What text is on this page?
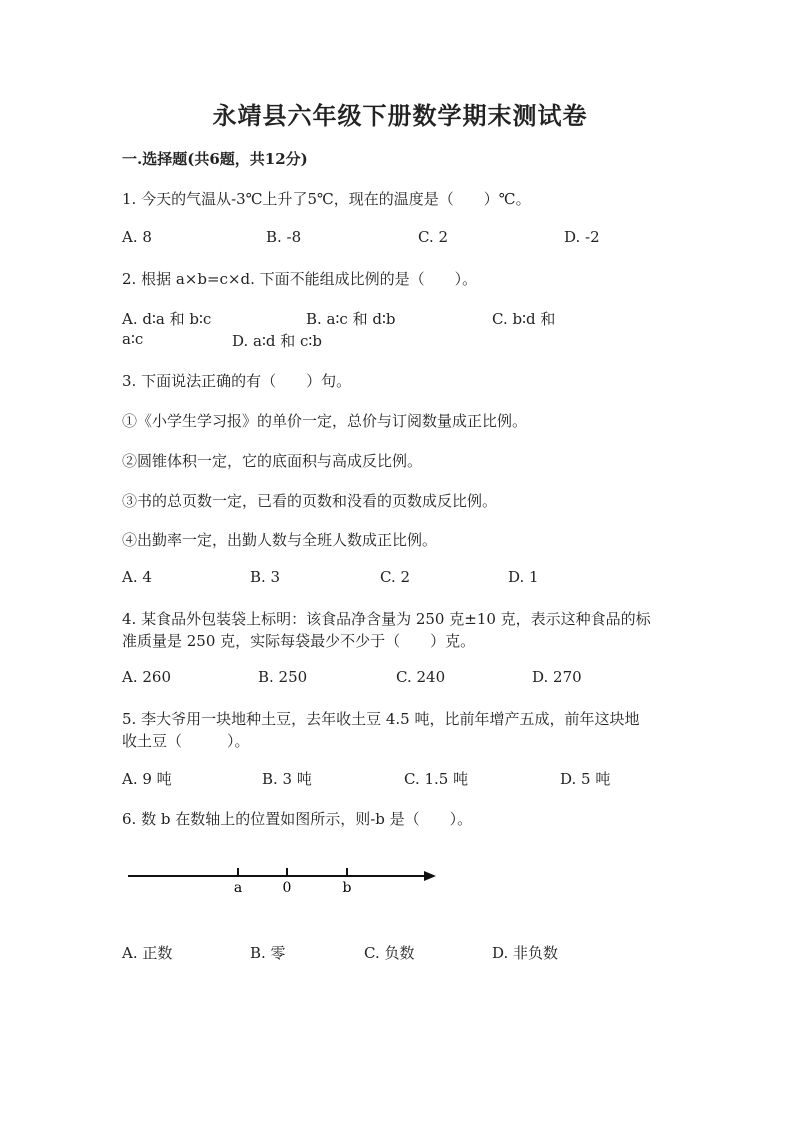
永靖县六年级下册数学期末测试卷
一.选择题(共6题，共12分)
1. 今天的气温从-3℃上升了5℃，现在的温度是（　　）℃。
A. 8	B. -8	C. 2	D. -2
2. 根据 a×b=c×d. 下面不能组成比例的是（　　）。
A. d∶a 和 b∶c	B. a∶c 和 d∶b	C. b∶d 和
a∶c	D. a∶d 和 c∶b
3. 下面说法正确的有（　　）句。
①《小学生学习报》的单价一定，总价与订阅数量成正比例。
②圆锥体积一定，它的底面积与高成反比例。
③书的总页数一定，已看的页数和没看的页数成反比例。
④出勤率一定，出勤人数与全班人数成正比例。
A. 4	B. 3	C. 2	D. 1
4. 某食品外包装袋上标明：该食品净含量为 250 克±10 克，表示这种食品的标
准质量是 250 克，实际每袋最少不少于（　　）克。
A. 260	B. 250	C. 240	D. 270
5. 李大爷用一块地种土豆，去年收土豆 4.5 吨，比前年增产五成，前年这块地
收土豆（　　　）。
A. 9 吨	B. 3 吨	C. 1.5 吨	D. 5 吨
6. 数 b 在数轴上的位置如图所示，则-b 是（　　）。
a	0	b
A. 正数	B. 零	C. 负数	D. 非负数
